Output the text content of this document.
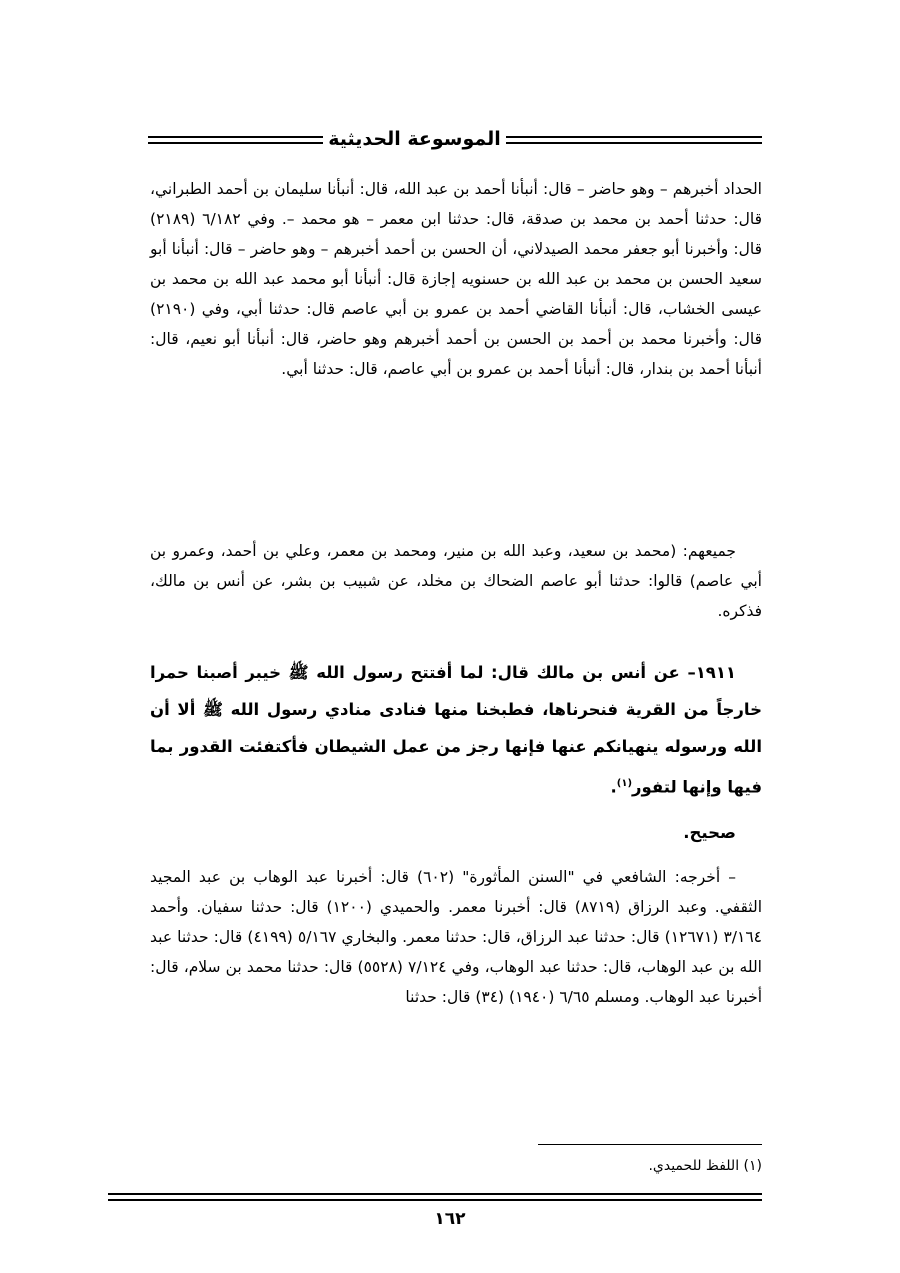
الموسوعة الحديثية

الحداد أخبرهم – وهو حاضر – قال: أنبأنا أحمد بن عبد الله، قال: أنبأنا سليمان بن أحمد الطبراني، قال: حدثنا أحمد بن محمد بن صدقة، قال: حدثنا ابن معمر – هو محمد –. وفي ٦/١٨٢ (٢١٨٩) قال: وأخبرنا أبو جعفر محمد الصيدلاني، أن الحسن بن أحمد أخبرهم – وهو حاضر – قال: أنبأنا أبو سعيد الحسن بن محمد بن عبد الله بن حسنويه إجازة قال: أنبأنا أبو محمد عبد الله بن محمد بن عيسى الخشاب، قال: أنبأنا القاضي أحمد بن عمرو بن أبي عاصم قال: حدثنا أبي، وفي (٢١٩٠) قال: وأخبرنا محمد بن أحمد بن الحسن بن أحمد أخبرهم وهو حاضر، قال: أنبأنا أبو نعيم، قال: أنبأنا أحمد بن بندار، قال: أنبأنا أحمد بن عمرو بن أبي عاصم، قال: حدثنا أبي.

جميعهم: (محمد بن سعيد، وعبد الله بن منير، ومحمد بن معمر، وعلي بن أحمد، وعمرو بن أبي عاصم) قالوا: حدثنا أبو عاصم الضحاك بن مخلد، عن شبيب بن بشر، عن أنس بن مالك، فذكره.

١٩١١– عن أنس بن مالك قال: لما أفتتح رسول الله ﷺ خيبر أصبنا حمرا خارجاً من القرية فنحرناها، فطبخنا منها فنادى منادي رسول الله ﷺ ألا أن الله ورسوله ينهيانكم عنها فإنها رجز من عمل الشيطان فأكتفئت القدور بما فيها وإنها لتفور$^{(١)}$.

صحيح.

– أخرجه: الشافعي في "السنن المأثورة" (٦٠٢) قال: أخبرنا عبد الوهاب بن عبد المجيد الثقفي. وعبد الرزاق (٨٧١٩) قال: أخبرنا معمر. والحميدي (١٢٠٠) قال: حدثنا سفيان. وأحمد ٣/١٦٤ (١٢٦٧١) قال: حدثنا عبد الرزاق، قال: حدثنا معمر. والبخاري ٥/١٦٧ (٤١٩٩) قال: حدثنا عبد الله بن عبد الوهاب، قال: حدثنا عبد الوهاب، وفي ٧/١٢٤ (٥٥٢٨) قال: حدثنا محمد بن سلام، قال: أخبرنا عبد الوهاب. ومسلم ٦/٦٥ (١٩٤٠) (٣٤) قال: حدثنا

(١) اللفظ للحميدي.
١٦٢
